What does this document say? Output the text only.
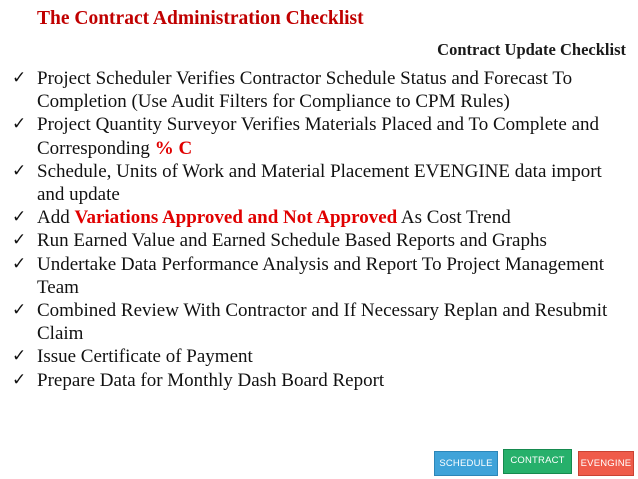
The Contract Administration Checklist
Contract Update Checklist
✓ Project Scheduler Verifies Contractor Schedule Status and Forecast To Completion (Use Audit Filters for Compliance to CPM Rules)
✓ Project Quantity Surveyor Verifies Materials Placed and To Complete and Corresponding % C
✓ Schedule, Units of Work and Material Placement EVENGINE data import and update
✓ Add Variations Approved and Not Approved As Cost Trend
✓ Run Earned Value and Earned Schedule Based Reports and Graphs
✓ Undertake Data Performance Analysis and Report To Project Management Team
✓ Combined Review With Contractor and If Necessary Replan and Resubmit Claim
✓ Issue Certificate of Payment
✓ Prepare Data for Monthly Dash Board Report
SCHEDULE	CONTRACT	EVENGINE
